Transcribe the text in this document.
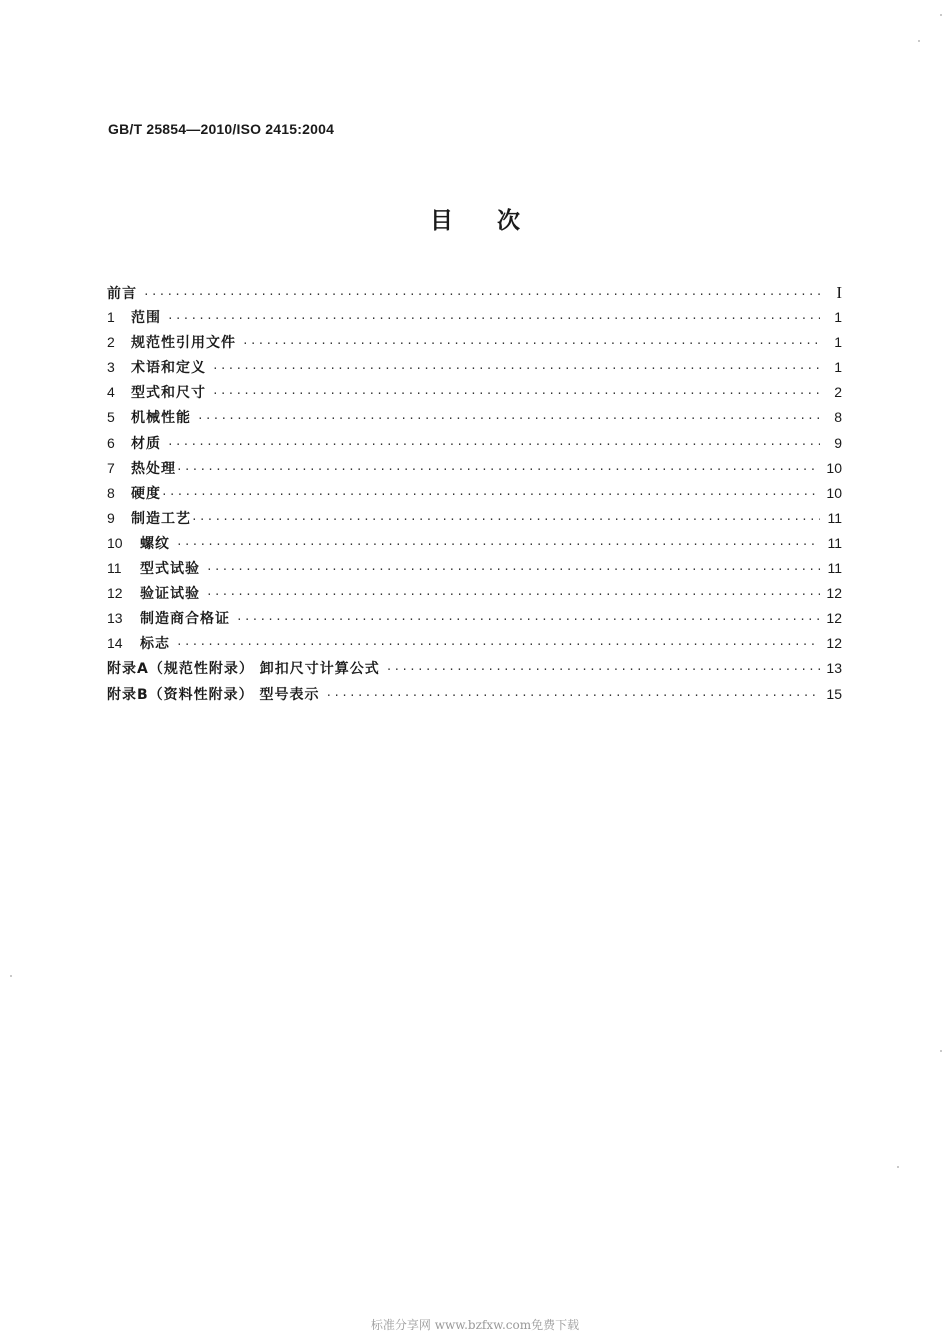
GB/T 25854—2010/ISO 2415:2004
目 次
前言 ·····	I
1	范围 ·····	1
2	规范性引用文件 ·····	1
3	术语和定义 ·····	1
4	型式和尺寸 ·····	2
5	机械性能 ·····	8
6	材质 ·····	9
7	热处理 ·····	10
8	硬度 ·····	10
9	制造工艺 ·····	11
10	螺纹 ·····	11
11	型式试验 ·····	11
12	验证试验 ·····	12
13	制造商合格证 ·····	12
14	标志 ·····	12
附录A（规范性附录） 卸扣尺寸计算公式 ·····	13
附录B（资料性附录） 型号表示 ·····	15
标准分享网 www.bzfxw.com免费下载
